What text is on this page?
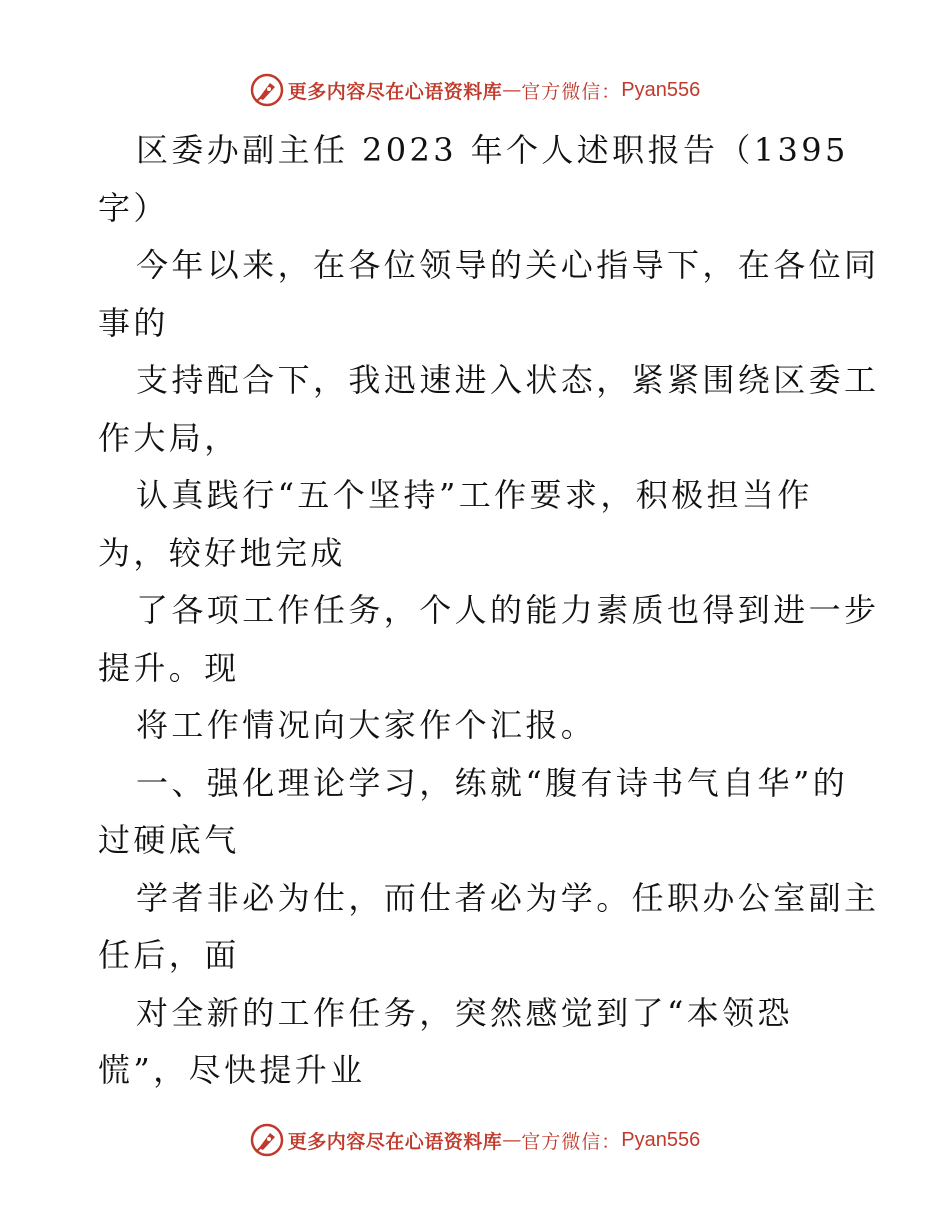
更多内容尽在心语资料库 — 官方微信： Pyan556
区委办副主任 2023 年个人述职报告（1395
字）
今年以来，在各位领导的关心指导下，在各位同
事的
支持配合下，我迅速进入状态，紧紧围绕区委工
作大局，
认真践行“五个坚持”工作要求，积极担当作
为，较好地完成
了各项工作任务，个人的能力素质也得到进一步
提升。现
将工作情况向大家作个汇报。
一、强化理论学习，练就“腹有诗书气自华”的
过硬底气
学者非必为仕，而仕者必为学。任职办公室副主
任后，面
对全新的工作任务，突然感觉到了“本领恐
慌”，尽快提升业
更多内容尽在心语资料库 — 官方微信： Pyan556
